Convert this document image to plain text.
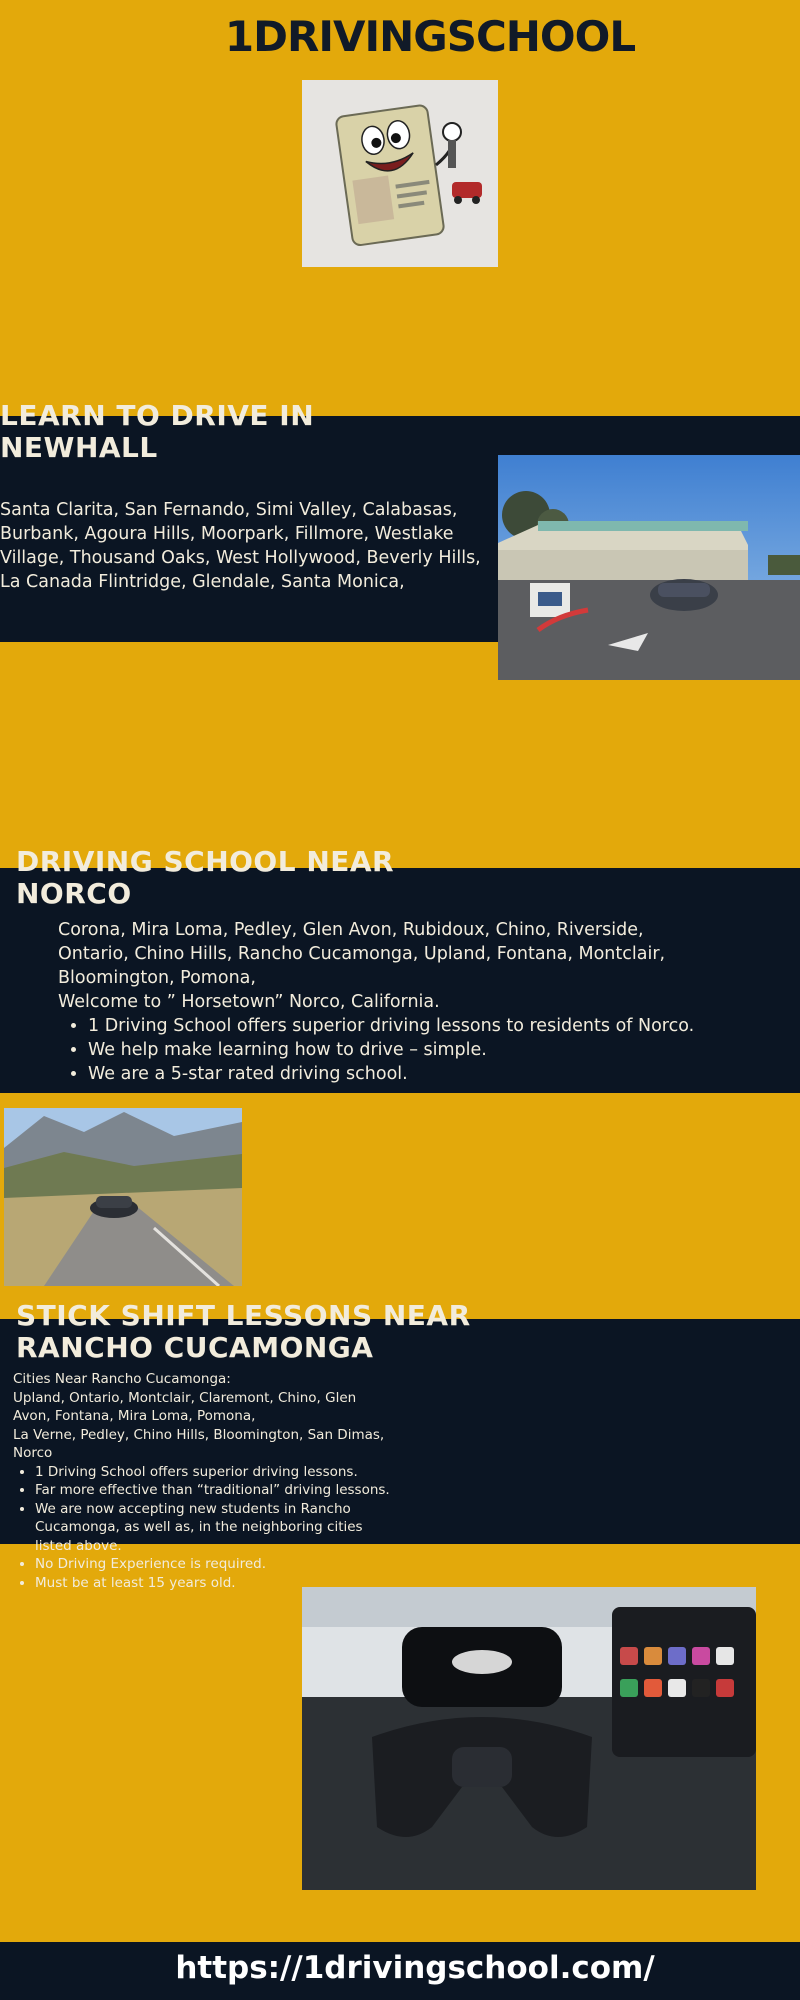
1DRIVINGSCHOOL
LEARN TO DRIVE IN NEWHALL
Santa Clarita, San Fernando, Simi Valley, Calabasas, Burbank, Agoura Hills, Moorpark, Fillmore, Westlake Village, Thousand Oaks, West Hollywood, Beverly Hills, La Canada Flintridge, Glendale, Santa Monica,
DRIVING SCHOOL NEAR NORCO
Corona, Mira Loma, Pedley, Glen Avon, Rubidoux, Chino, Riverside, Ontario, Chino Hills, Rancho Cucamonga, Upland, Fontana, Montclair, Bloomington, Pomona,
Welcome to ” Horsetown” Norco, California.
• 1 Driving School offers superior driving lessons to residents of Norco.
• We help make learning how to drive – simple.
• We are a 5-star rated driving school.
STICK SHIFT LESSONS NEAR RANCHO CUCAMONGA
Cities Near Rancho Cucamonga:
Upland, Ontario, Montclair, Claremont, Chino, Glen Avon, Fontana, Mira Loma, Pomona,
La Verne, Pedley, Chino Hills, Bloomington, San Dimas, Norco
• 1 Driving School offers superior driving lessons.
• Far more effective than “traditional” driving lessons.
• We are now accepting new students in Rancho Cucamonga, as well as, in the neighboring cities listed above.
• No Driving Experience is required.
• Must be at least 15 years old.
https://1drivingschool.com/
